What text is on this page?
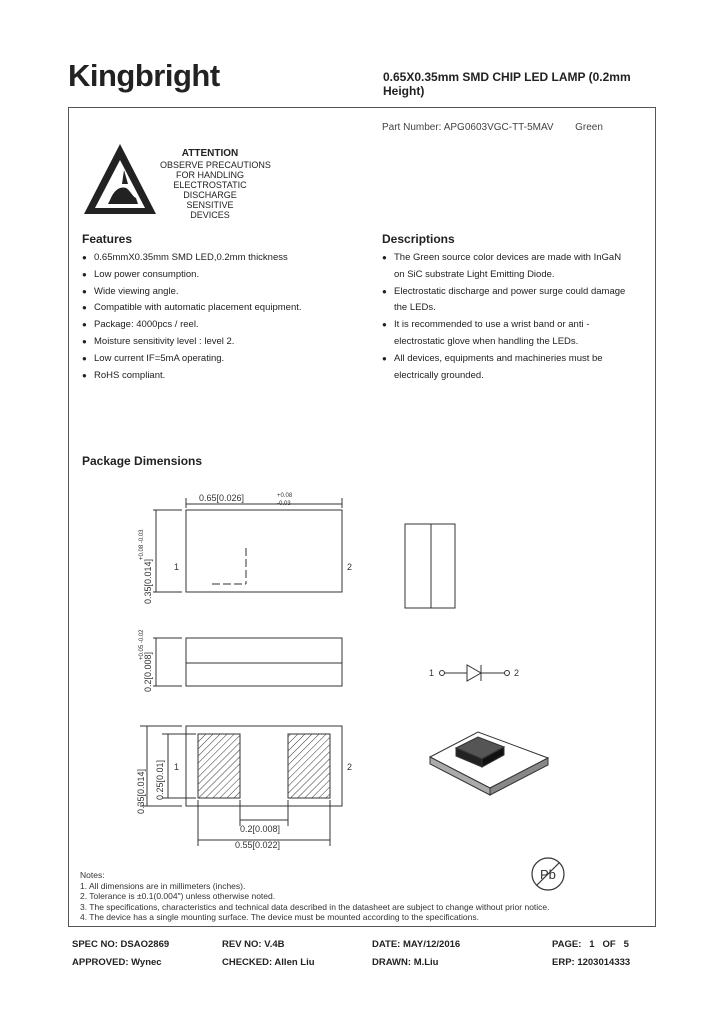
Kingbright	0.65X0.35mm SMD CHIP LED LAMP (0.2mm Height)
Part Number: APG0603VGC-TT-5MAV Green
ATTENTION
OBSERVE PRECAUTIONS
FOR HANDLING
ELECTROSTATIC
DISCHARGE
SENSITIVE
DEVICES
Features
● 0.65mmX0.35mm SMD LED,0.2mm thickness
● Low power consumption.
● Wide viewing angle.
● Compatible with automatic placement equipment.
● Package: 4000pcs / reel.
● Moisture sensitivity level : level 2.
● Low current IF=5mA operating.
● RoHS compliant.
Descriptions
● The Green source color devices are made with InGaN
on SiC substrate Light Emitting Diode.
● Electrostatic discharge and power surge could damage
the LEDs.
● It is recommended to use a wrist band or anti -
electrostatic glove when handling the LEDs.
● All devices, equipments and machineries must be
electrically grounded.
Package Dimensions
0.65[0.026]	+0.08
-0.03
0.35[0.014]
+0.08 -0.03
1	2
0.2[0.008]
+0.05 -0.02
1	2
0.35[0.014] 0.25[0.01] 1	2
0.2[0.008]
0.55[0.022]
Pb
Notes:
1. All dimensions are in millimeters (inches).
2. Tolerance is ±0.1(0.004") unless otherwise noted.
3. The specifications, characteristics and technical data described in the datasheet are subject to change without prior notice.
4. The device has a single mounting surface. The device must be mounted according to the specifications.
SPEC NO: DSAO2869	REV NO: V.4B	DATE: MAY/12/2016	PAGE:   1   OF   5
APPROVED: Wynec	CHECKED: Allen Liu	DRAWN: M.Liu	ERP: 1203014333
